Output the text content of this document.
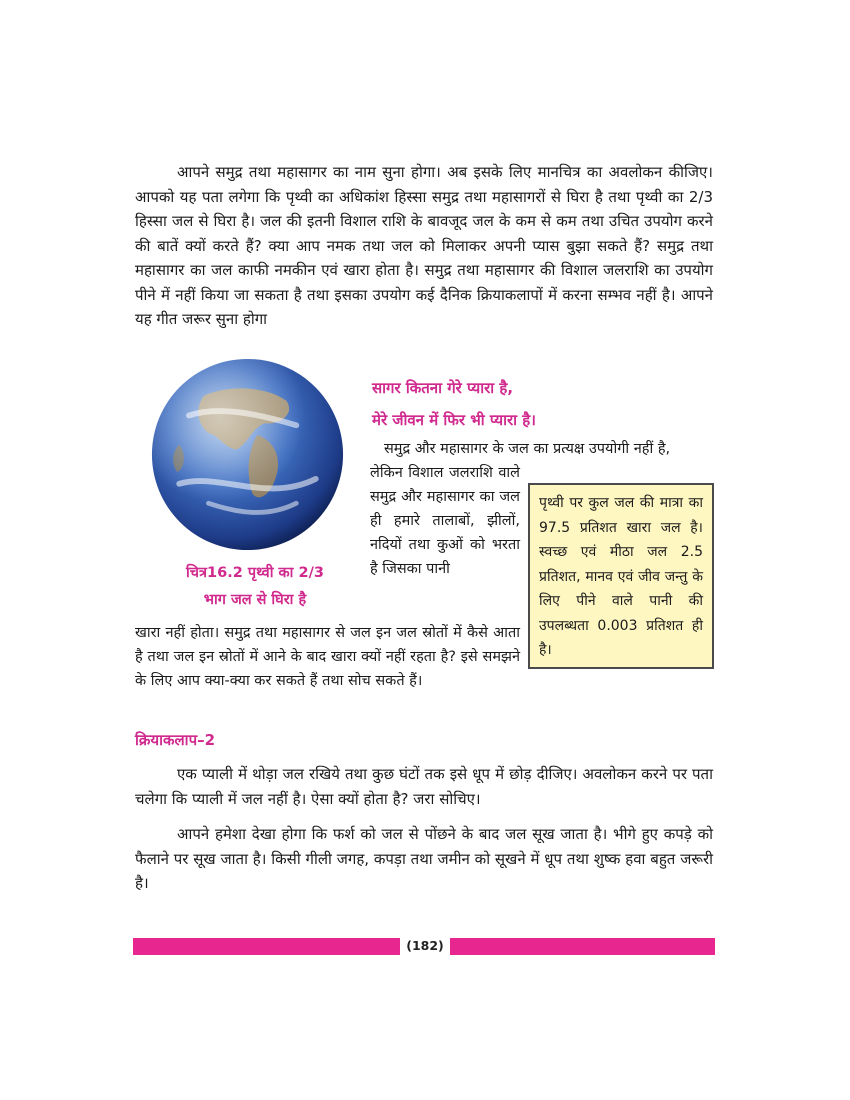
आपने समुद्र तथा महासागर का नाम सुना होगा। अब इसके लिए मानचित्र का अवलोकन कीजिए। आपको यह पता लगेगा कि पृथ्वी का अधिकांश हिस्सा समुद्र तथा महासागरों से घिरा है तथा पृथ्वी का 2/3 हिस्सा जल से घिरा है। जल की इतनी विशाल राशि के बावजूद जल के कम से कम तथा उचित उपयोग करने की बातें क्यों करते हैं? क्या आप नमक तथा जल को मिलाकर अपनी प्यास बुझा सकते हैं? समुद्र तथा महासागर का जल काफी नमकीन एवं खारा होता है। समुद्र तथा महासागर की विशाल जलराशि का उपयोग पीने में नहीं किया जा सकता है तथा इसका उपयोग कई दैनिक क्रियाकलापों में करना सम्भव नहीं है। आपने यह गीत जरूर सुना होगा

चित्र16.2 पृथ्वी का 2/3
भाग जल से घिरा है

सागर कितना गेरे प्यारा है,

मेरे जीवन में फिर भी प्यारा है।

समुद्र और महासागर के जल का प्रत्यक्ष उपयोगी नहीं है,

लेकिन विशाल जलराशि वाले समुद्र और महासागर का जल ही हमारे तालाबों, झीलों, नदियों तथा कुओं को भरता है जिसका पानी

खारा नहीं होता। समुद्र तथा महासागर से जल इन जल स्रोतों में कैसे आता है तथा जल इन स्रोतों में आने के बाद खारा क्यों नहीं रहता है? इसे समझने के लिए आप क्या-क्या कर सकते हैं तथा सोच सकते हैं।

पृथ्वी पर कुल जल की मात्रा का 97.5 प्रतिशत खारा जल है। स्वच्छ एवं मीठा जल 2.5 प्रतिशत, मानव एवं जीव जन्तु के लिए पीने वाले पानी की उपलब्धता 0.003 प्रतिशत ही है।

क्रियाकलाप–2

एक प्याली में थोड़ा जल रखिये तथा कुछ घंटों तक इसे धूप में छोड़ दीजिए। अवलोकन करने पर पता चलेगा कि प्याली में जल नहीं है। ऐसा क्यों होता है? जरा सोचिए।

आपने हमेशा देखा होगा कि फर्श को जल से पोंछने के बाद जल सूख जाता है। भीगे हुए कपड़े को फैलाने पर सूख जाता है। किसी गीली जगह, कपड़ा तथा जमीन को सूखने में धूप तथा शुष्क हवा बहुत जरूरी है।

(182)
